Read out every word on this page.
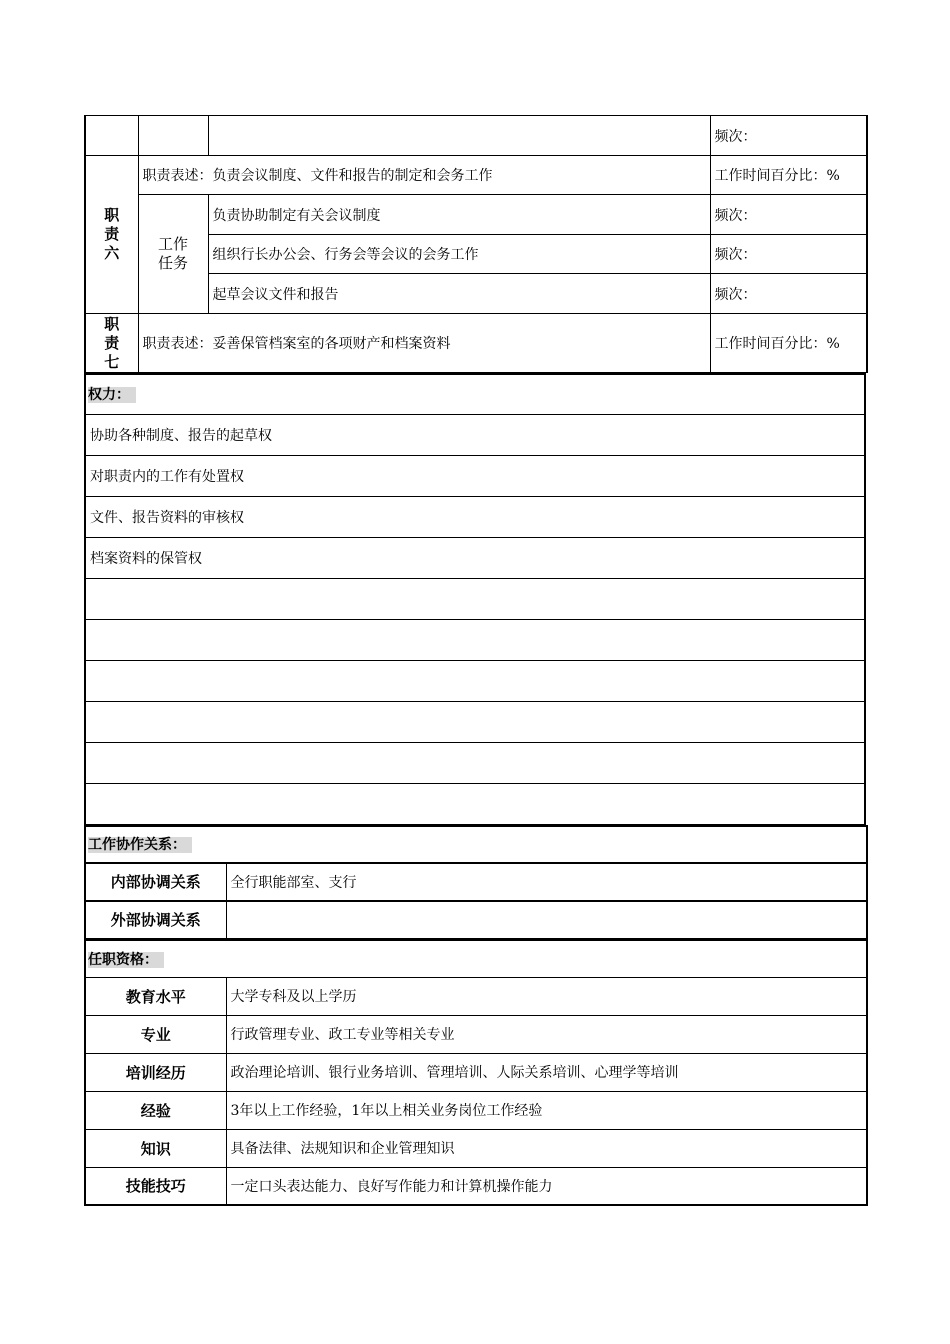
			频次：

职
责
六	职责表述：负责会议制度、文件和报告的制定和会务工作		工作时间百分比：%

	工作
任务	负责协助制定有关会议制度	频次：
		组织行长办公会、行务会等会议的会务工作	频次：
		起草会议文件和报告	频次：

职
责
七	职责表述：妥善保管档案室的各项财产和档案资料		工作时间百分比：%
权力：
协助各种制度、报告的起草权
对职责内的工作有处置权
文件、报告资料的审核权
档案资料的保管权

工作协作关系：	
内部协调关系	全行职能部室、支行
外部协调关系	
任职资格：	
教育水平	大学专科及以上学历
专业	行政管理专业、政工专业等相关专业
培训经历	政治理论培训、银行业务培训、管理培训、人际关系培训、心理学等培训
经验	3年以上工作经验，1年以上相关业务岗位工作经验
知识	具备法律、法规知识和企业管理知识
技能技巧	一定口头表达能力、良好写作能力和计算机操作能力
